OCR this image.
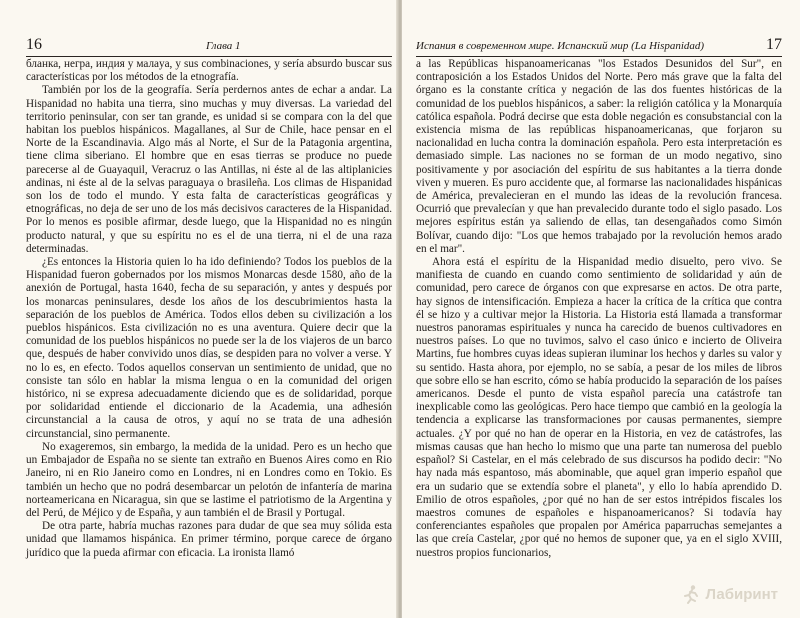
16	Глава 1

бланка, негра, индия у малaya, y sus combinaciones, y sería absurdo buscar sus características por los métodos de la etnografía.

También por los de la geografía. Sería perdernos antes de echar a andar. La Hispanidad no habita una tierra, sino muchas y muy diversas. La variedad del territorio peninsular, con ser tan grande, es unidad si se compara con la del que habitan los pueblos hispánicos. Magallanes, al Sur de Chile, hace pensar en el Norte de la Escandinavia. Algo más al Norte, el Sur de la Patagonia argentina, tiene clima siberiano. El hombre que en esas tierras se produce no puede parecerse al de Guayaquil, Veracruz o las Antillas, ni éste al de las altiplanicies andinas, ni éste al de la selvas paraguaya o brasileña. Los climas de Hispanidad son los de todo el mundo. Y esta falta de características geográficas y etnográficas, no deja de ser uno de los más decisivos caracteres de la Hispanidad. Por lo menos es posible afirmar, desde luego, que la Hispanidad no es ningún producto natural, y que su espíritu no es el de una tierra, ni el de una raza determinadas.

¿Es entonces la Historia quien lo ha ido definiendo? Todos los pueblos de la Hispanidad fueron gobernados por los mismos Monarcas desde 1580, año de la anexión de Portugal, hasta 1640, fecha de su separación, y antes y después por los monarcas peninsulares, desde los años de los descubrimientos hasta la separación de los pueblos de América. Todos ellos deben su civilización a los pueblos hispánicos. Esta civilización no es una aventura. Quiere decir que la comunidad de los pueblos hispánicos no puede ser la de los viajeros de un barco que, después de haber convivido unos días, se despiden para no volver a verse. Y no lo es, en efecto. Todos aquellos conservan un sentimiento de unidad, que no consiste tan sólo en hablar la misma lengua o en la comunidad del origen histórico, ni se expresa adecuadamente diciendo que es de solidaridad, porque por solidaridad entiende el diccionario de la Academia, una adhesión circunstancial a la causa de otros, y aquí no se trata de una adhesión circunstancial, sino permanente.

No exageremos, sin embargo, la medida de la unidad. Pero es un hecho que un Embajador de España no se siente tan extraño en Buenos Aires como en Rio Janeiro, ni en Rio Janeiro como en Londres, ni en Londres como en Tokio. Es también un hecho que no podrá desembarcar un pelotón de infantería de marina norteamericana en Nicaragua, sin que se lastime el patriotismo de la Argentina y del Perú, de Méjico y de España, y aun también el de Brasil y Portugal.

De otra parte, habría muchas razones para dudar de que sea muy sólida esta unidad que llamamos hispánica. En primer término, porque carece de órgano jurídico que la pueda afirmar con eficacia. La ironista llamó

Испания в современном мире. Испанский мир (La Hispanidad)	17

a las Repúblicas hispanoamericanas "los Estados Desunidos del Sur", en contraposición a los Estados Unidos del Norte. Pero más grave que la falta del órgano es la constante crítica y negación de las dos fuentes históricas de la comunidad de los pueblos hispánicos, a saber: la religión católica y la Monarquía católica española. Podrá decirse que esta doble negación es consubstancial con la existencia misma de las repúblicas hispanoamericanas, que forjaron su nacionalidad en lucha contra la dominación española. Pero esta interpretación es demasiado simple. Las naciones no se forman de un modo negativo, sino positivamente y por asociación del espíritu de sus habitantes a la tierra donde viven y mueren. Es puro accidente que, al formarse las nacionalidades hispánicas de América, prevalecieran en el mundo las ideas de la revolución francesa. Ocurrió que prevalecían y que han prevalecido durante todo el siglo pasado. Los mejores espíritus están ya saliendo de ellas, tan desengañados como Simón Bolívar, cuando dijo: "Los que hemos trabajado por la revolución hemos arado en el mar".

Ahora está el espíritu de la Hispanidad medio disuelto, pero vivo. Se manifiesta de cuando en cuando como sentimiento de solidaridad y aún de comunidad, pero carece de órganos con que expresarse en actos. De otra parte, hay signos de intensificación. Empieza a hacer la crítica de la crítica que contra él se hizo y a cultivar mejor la Historia. La Historia está llamada a transformar nuestros panoramas espirituales y nunca ha carecido de buenos cultivadores en nuestros países. Lo que no tuvimos, salvo el caso único e incierto de Oliveira Martins, fue hombres cuyas ideas supieran iluminar los hechos y darles su valor y su sentido. Hasta ahora, por ejemplo, no se sabía, a pesar de los miles de libros que sobre ello se han escrito, cómo se había producido la separación de los países americanos. Desde el punto de vista español parecía una catástrofe tan inexplicable como las geológicas. Pero hace tiempo que cambió en la geología la tendencia a explicarse las transformaciones por causas permanentes, siempre actuales. ¿Y por qué no han de operar en la Historia, en vez de catástrofes, las mismas causas que han hecho lo mismo que una parte tan numerosa del pueblo español? Si Castelar, en el más celebrado de sus discursos ha podido decir: "No hay nada más espantoso, más abominable, que aquel gran imperio español que era un sudario que se extendía sobre el planeta", y ello lo había aprendido D. Emilio de otros españoles, ¿por qué no han de ser estos intrépidos fiscales los maestros comunes de españoles e hispanoamericanos? Si todavía hay conferenciantes españoles que propalen por América paparruchas semejantes a las que creía Castelar, ¿por qué no hemos de suponer que, ya en el siglo XVIII, nuestros propios funcionarios,

Лабиринт
